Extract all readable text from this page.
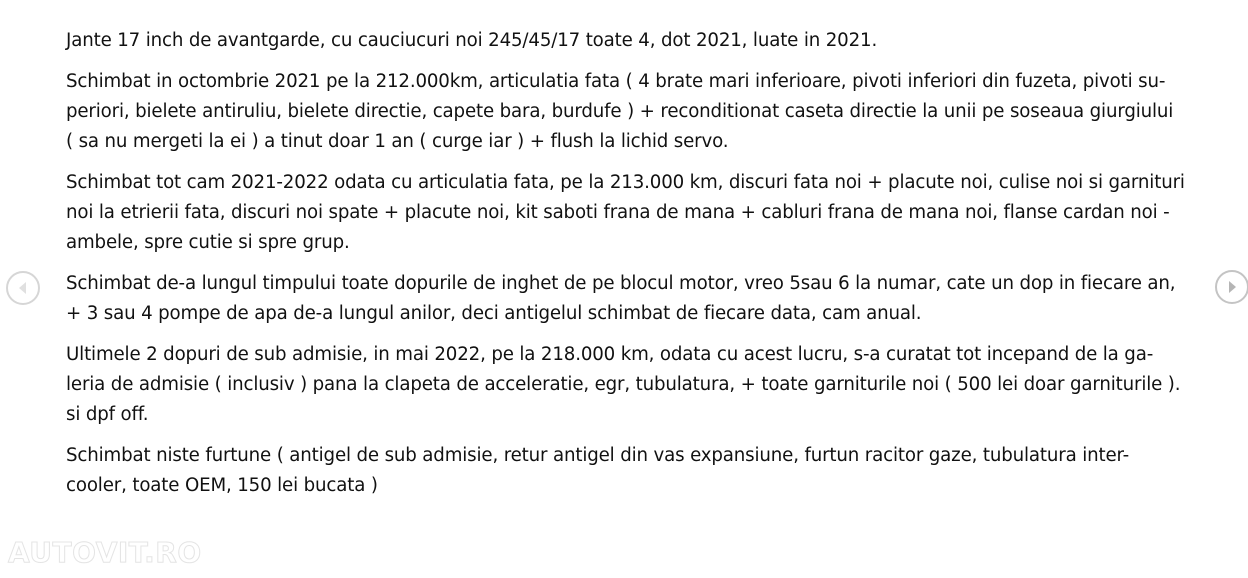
Jante 17 inch de avantgarde, cu cauciucuri noi 245/45/17 toate 4, dot 2021, luate in 2021.

Schimbat in octombrie 2021 pe la 212.000km, articulatia fata ( 4 brate mari inferioare, pivoti inferiori din fuzeta, pivoti su-
periori, bielete antiruliu, bielete directie, capete bara, burdufe ) + reconditionat caseta directie la unii pe soseaua giurgiului
( sa nu mergeti la ei ) a tinut doar 1 an ( curge iar ) + flush la lichid servo.

Schimbat tot cam 2021-2022 odata cu articulatia fata, pe la 213.000 km, discuri fata noi + placute noi, culise noi si garnituri
noi la etrierii fata, discuri noi spate + placute noi, kit saboti frana de mana + cabluri frana de mana noi, flanse cardan noi -
ambele, spre cutie si spre grup.

Schimbat de-a lungul timpului toate dopurile de inghet de pe blocul motor, vreo 5sau 6 la numar, cate un dop in fiecare an,
+ 3 sau 4 pompe de apa de-a lungul anilor, deci antigelul schimbat de fiecare data, cam anual.

Ultimele 2 dopuri de sub admisie, in mai 2022, pe la 218.000 km, odata cu acest lucru, s-a curatat tot incepand de la ga-
leria de admisie ( inclusiv ) pana la clapeta de acceleratie, egr, tubulatura, + toate garniturile noi ( 500 lei doar garniturile ).
si dpf off.

Schimbat niste furtune ( antigel de sub admisie, retur antigel din vas expansiune, furtun racitor gaze, tubulatura inter-
cooler, toate OEM, 150 lei bucata )

AUTOVIT.RO
